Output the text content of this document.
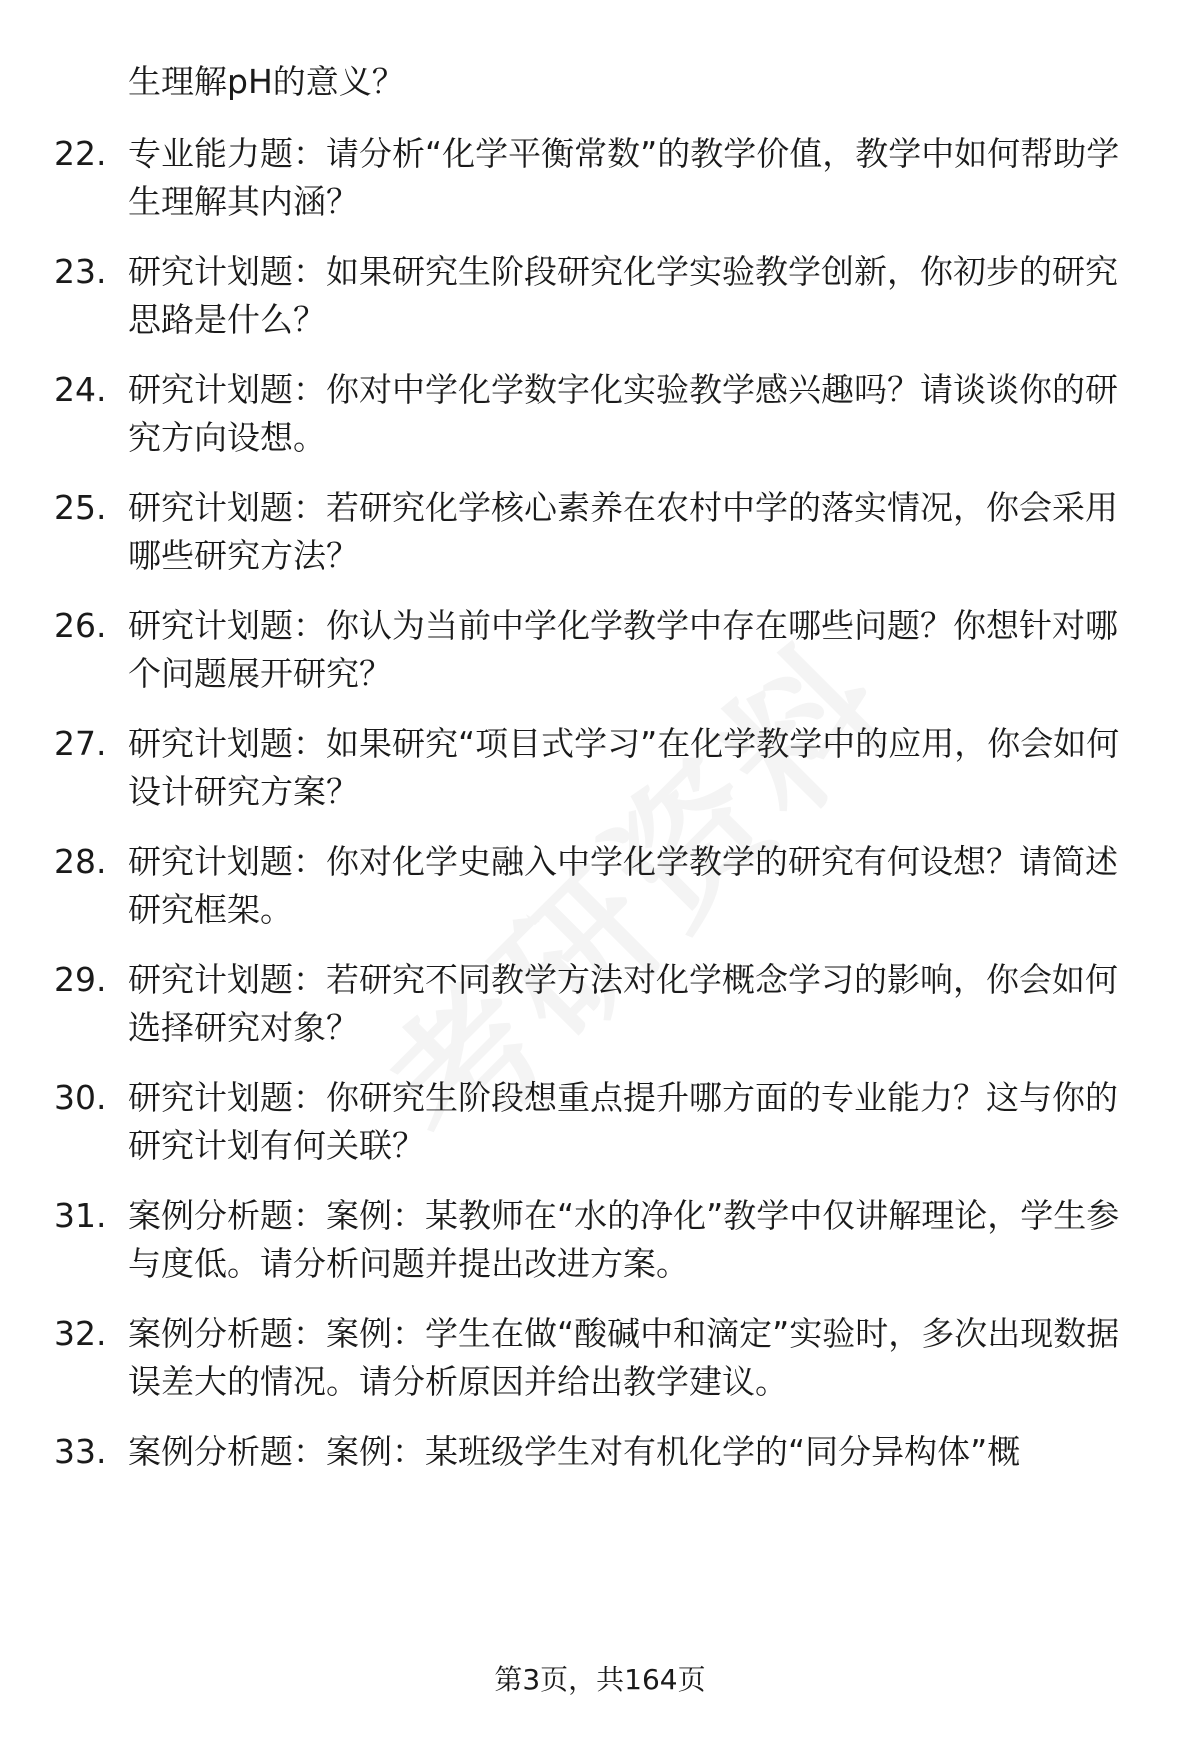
生理解pH的意义？

22. 专业能力题：请分析“化学平衡常数”的教学价值，教学中如何帮助学生理解其内涵？
23. 研究计划题：如果研究生阶段研究化学实验教学创新，你初步的研究思路是什么？
24. 研究计划题：你对中学化学数字化实验教学感兴趣吗？请谈谈你的研究方向设想。
25. 研究计划题：若研究化学核心素养在农村中学的落实情况，你会采用哪些研究方法？
26. 研究计划题：你认为当前中学化学教学中存在哪些问题？你想针对哪个问题展开研究？
27. 研究计划题：如果研究“项目式学习”在化学教学中的应用，你会如何设计研究方案？
28. 研究计划题：你对化学史融入中学化学教学的研究有何设想？请简述研究框架。
29. 研究计划题：若研究不同教学方法对化学概念学习的影响，你会如何选择研究对象？
30. 研究计划题：你研究生阶段想重点提升哪方面的专业能力？这与你的研究计划有何关联？
31. 案例分析题：案例：某教师在“水的净化”教学中仅讲解理论，学生参与度低。请分析问题并提出改进方案。
32. 案例分析题：案例：学生在做“酸碱中和滴定”实验时，多次出现数据误差大的情况。请分析原因并给出教学建议。
33. 案例分析题：案例：某班级学生对有机化学的“同分异构体”概
第3页，共164页
